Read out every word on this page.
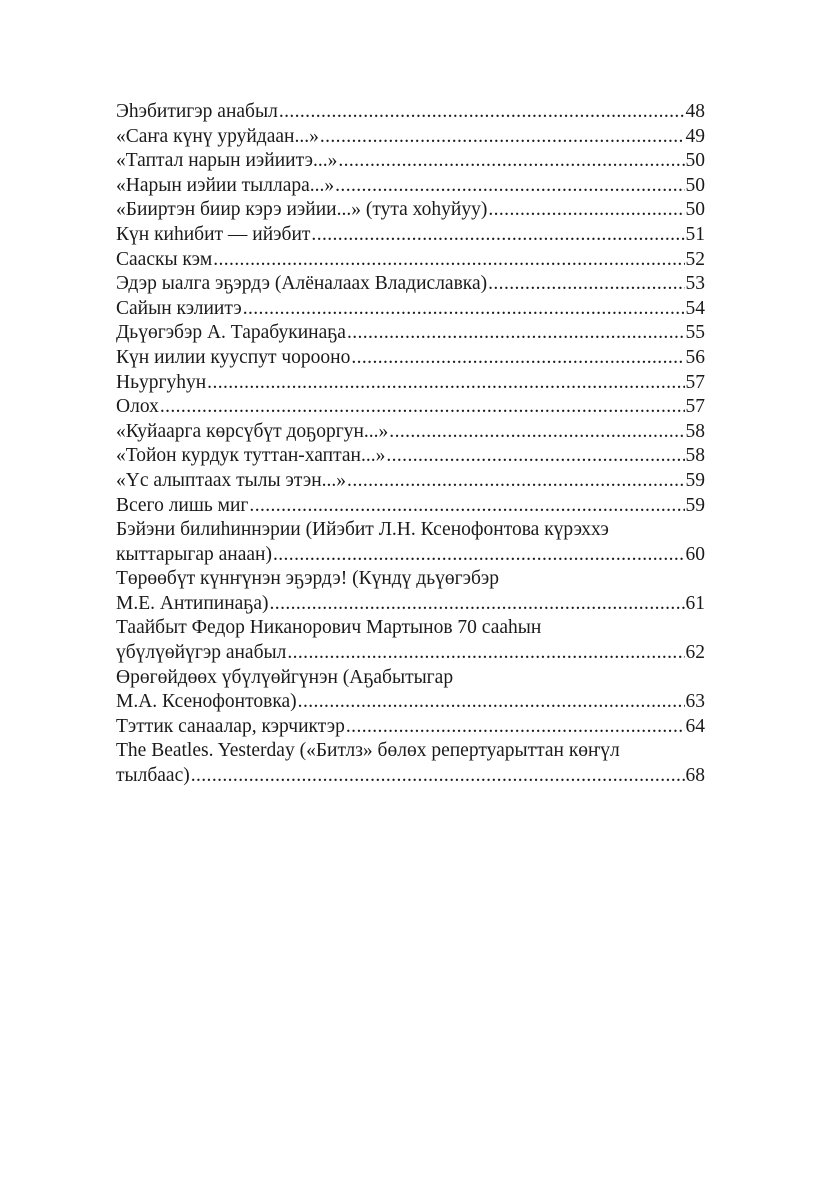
Эhэбитигэр анабыл .....	48
«Саҥа күнү уруйдаан...» .....	49
«Таптал нарын иэйиитэ...» .....	50
«Нарын иэйии тыллара...» .....	50
«Бииртэн биир кэрэ иэйии...» (тута хоhуйуу) .....	50
Күн киhибит — ийэбит .....	51
Сааскы кэм .....	52
Эдэр ыалга эҕэрдэ (Алёналаах Владиславка) .....	53
Сайын кэлиитэ .....	54
Дьүөгэбэр А. Тарабукинаҕа .....	55
Күн иилии кууспут чорооно .....	56
Ньургуhун .....	57
Олох .....	57
«Куйаарга көрсүбүт доҕоргун...» .....	58
«Тойон курдук туттан-хаптан...» .....	58
«Үс алыптаах тылы этэн...» .....	59
Всего лишь миг .....	59
Бэйэни билиhиннэрии (Ийэбит Л.Н. Ксенофонтова күрэххэ
кыттарыгар анаан) .....	60
Төрөөбүт күнҥүнэн эҕэрдэ! (Күндү дьүөгэбэр
М.Е. Антипинаҕа) .....	61
Таайбыт Федор Никанорович Мартынов 70 сааhын
үбүлүөйүгэр анабыл .....	62
Өрөгөйдөөх үбүлүөйгүнэн (Аҕабытыгар
М.А. Ксенофонтовка) .....	63
Тэттик санаалар, кэрчиктэр .....	64
The Beatles. Yesterday («Битлз» бөлөх репертуарыттан көҥүл
тылбаас) .....	68
